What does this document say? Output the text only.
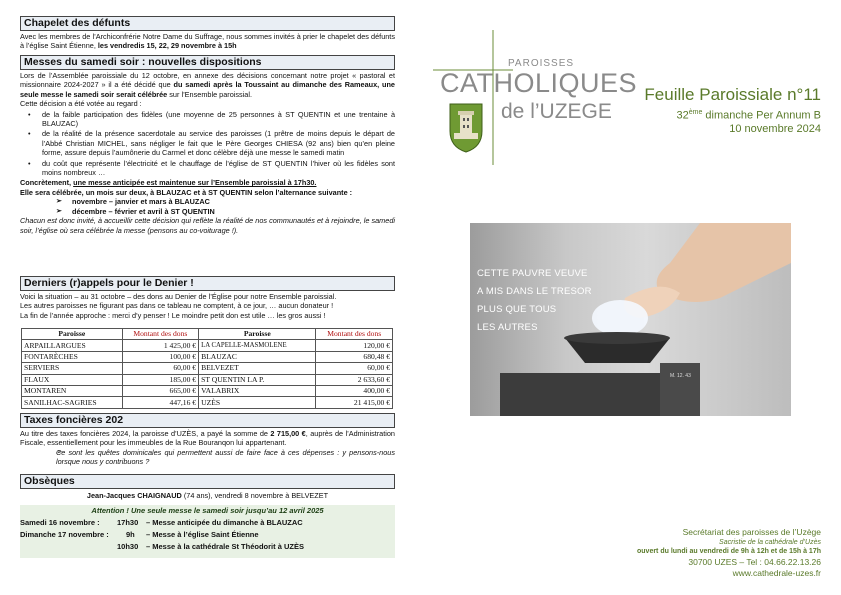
Chapelet des défunts

Avec les membres de l’Archiconfrérie Notre Dame du Suffrage, nous sommes invités à prier le chapelet des défunts à l’église Saint Étienne, les vendredis 15, 22, 29 novembre à 15h

Messes du samedi soir : nouvelles dispositions

Lors de l’Assemblée paroissiale du 12 octobre, en annexe des décisions concernant notre projet « pastoral et missionnaire 2024-2027 » il a été décidé que du samedi après la Toussaint au dimanche des Rameaux, une seule messe le samedi soir serait célébrée sur l’Ensemble paroissial.

Cette décision a été votée au regard :

• de la faible participation des fidèles (une moyenne de 25 personnes à ST QUENTIN et une trentaine à BLAUZAC)
• de la réalité de la présence sacerdotale au service des paroisses (1 prêtre de moins depuis le départ de l’Abbé Christian MICHEL, sans négliger le fait que le Père Georges CHIESA (92 ans) bien qu’en pleine forme, assure depuis l’aumônerie du Carmel et donc célèbre déjà une messe le samedi matin
• du coût que représente l’électricité et le chauffage de l’église de ST QUENTIN l’hiver où les fidèles sont moins nombreux …

Concrètement, une messe anticipée est maintenue sur l’Ensemble paroissial à 17h30.

Elle sera célébrée, un mois sur deux, à BLAUZAC et à ST QUENTIN selon l’alternance suivante :

➢ novembre – janvier et mars à BLAUZAC

➢ décembre – février et avril à ST QUENTIN

Chacun est donc invité, à accueillir cette décision qui reflète la réalité de nos communautés et à rejoindre, le samedi soir, l’église où sera célébrée la messe (pensons au co-voiturage !).

Derniers (r)appels pour le Denier !

Voici la situation – au 31 octobre – des dons au Denier de l’Église pour notre Ensemble paroissial.

Les autres paroisses ne figurant pas dans ce tableau ne comptent, à ce jour, … aucun donateur !

La fin de l’année approche : merci d’y penser ! Le moindre petit don est utile … les gros aussi !

Paroisse	Montant des dons	Paroisse	Montant des dons
ARPAILLARGUES	1 425,00 €	LA CAPELLE-MASMOLENE	120,00 €
FONTARÈCHES	100,00 €	BLAUZAC	680,48 €
SERVIERS	60,00 €	BELVEZET	60,00 €
FLAUX	185,00 €	ST QUENTIN LA P.	2 633,60 €
MONTAREN	665,00 €	VALABRIX	400,00 €
SANILHAC-SAGRIES	447,16 €	UZÈS	21 415,00 €
Taxes foncières 202

Au titre des taxes foncières 2024, la paroisse d’UZÈS, a payé la somme de 2 715,00 €, auprès de l’Administration Fiscale, essentiellement pour les immeubles de la Rue Bouranqon lui appartenant.

➢ Ce sont les quêtes dominicales qui permettent aussi de faire face à ces dépenses : y pensons-nous lorsque nous y contribuons ?

Obsèques

Jean-Jacques CHAIGNAUD (74 ans), vendredi 8 novembre à BELVEZET

Attention ! Une seule messe le samedi soir jusqu’au 12 avril 2025
Samedi 16 novembre : 17h30 – Messe anticipée du dimanche à BLAUZAC
Dimanche 17 novembre : 9h – Messe à l’église Saint Étienne
10h30 – Messe à la cathédrale St Théodorit à UZÈS
PAROISSES
CATHOLIQUES
de l’UZEGE
Feuille Paroissiale n°11
32ème dimanche Per Annum B
10 novembre 2024
CETTE PAUVRE VEUVE
A MIS DANS LE TRESOR
PLUS QUE TOUS
LES AUTRES
M. 12. 43
Secrétariat des paroisses de l’Uzège
Sacristie de la cathédrale d’Uzès
ouvert du lundi au vendredi de 9h à 12h et de 15h à 17h
30700 UZES – Tel : 04.66.22.13.26
www.cathedrale-uzes.fr
